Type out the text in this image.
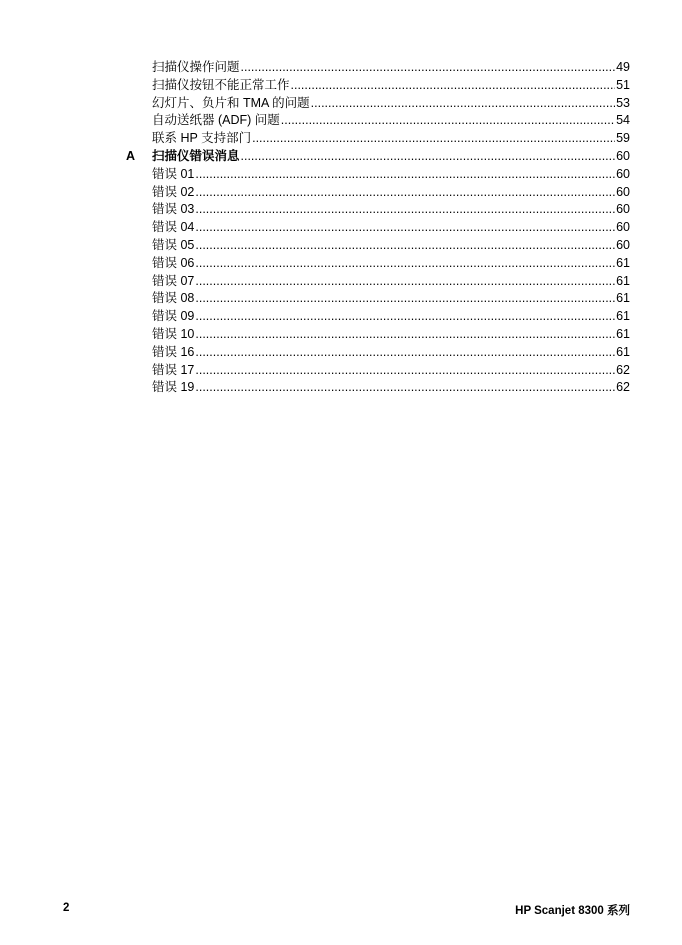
扫描仪操作问题 .....	49
扫描仪按钮不能正常工作 .....	51
幻灯片、负片和 TMA 的问题 .....	53
自动送纸器 (ADF) 问题 .....	54
联系 HP 支持部门 .....	59
A 扫描仪错误消息 .....	60
错误 01 .....	60
错误 02 .....	60
错误 03 .....	60
错误 04 .....	60
错误 05 .....	60
错误 06 .....	61
错误 07 .....	61
错误 08 .....	61
错误 09 .....	61
错误 10 .....	61
错误 16 .....	61
错误 17 .....	62
错误 19 .....	62
2	HP Scanjet 8300 系列
